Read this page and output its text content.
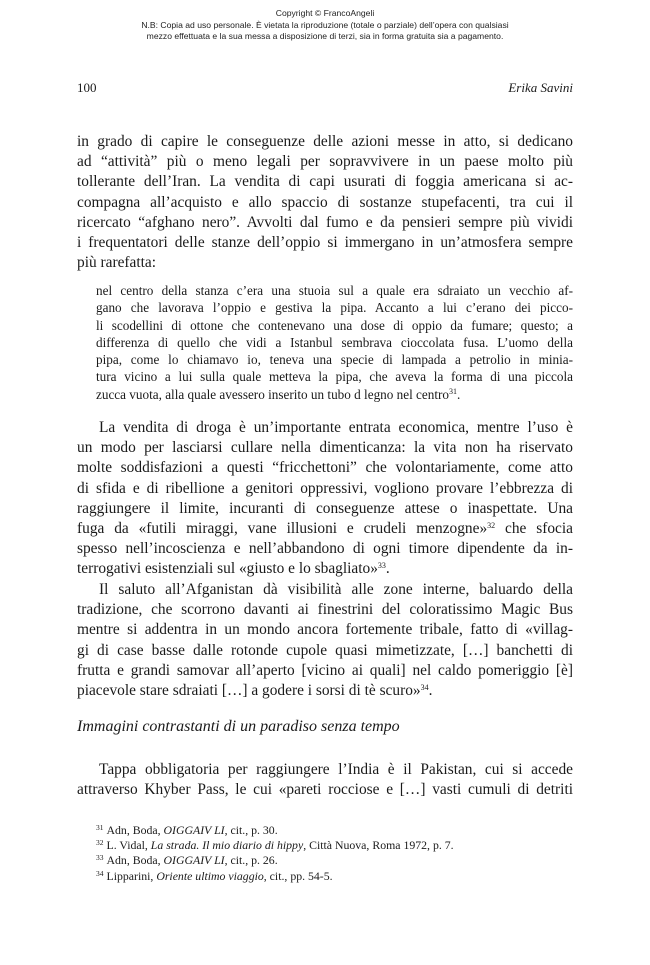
Copyright © FrancoAngeli
N.B: Copia ad uso personale. È vietata la riproduzione (totale o parziale) dell’opera con qualsiasi
mezzo effettuata e la sua messa a disposizione di terzi, sia in forma gratuita sia a pagamento.
100	Erika Savini

in grado di capire le conseguenze delle azioni messe in atto, si dedicano

ad “attività” più o meno legali per sopravvivere in un paese molto più

tollerante dell’Iran. La vendita di capi usurati di foggia americana si ac-

compagna all’acquisto e allo spaccio di sostanze stupefacenti, tra cui il

ricercato “afghano nero”. Avvolti dal fumo e da pensieri sempre più vividi

i frequentatori delle stanze dell’oppio si immergano in un’atmosfera sempre

più rarefatta:

nel centro della stanza c’era una stuoia sul a quale era sdraiato un vecchio af-

gano che lavorava l’oppio e gestiva la pipa. Accanto a lui c’erano dei picco-

li scodellini di ottone che contenevano una dose di oppio da fumare; questo; a

differenza di quello che vidi a Istanbul sembrava cioccolata fusa. L’uomo della

pipa, come lo chiamavo io, teneva una specie di lampada a petrolio in minia-

tura vicino a lui sulla quale metteva la pipa, che aveva la forma di una piccola

zucca vuota, alla quale avessero inserito un tubo d legno nel centro$^{31}$.

La vendita di droga è un’importante entrata economica, mentre l’uso è

un modo per lasciarsi cullare nella dimenticanza: la vita non ha riservato

molte soddisfazioni a questi “fricchettoni” che volontariamente, come atto

di sfida e di ribellione a genitori oppressivi, vogliono provare l’ebbrezza di

raggiungere il limite, incuranti di conseguenze attese o inaspettate. Una

fuga da «futili miraggi, vane illusioni e crudeli menzogne»$^{32}$ che sfocia

spesso nell’incoscienza e nell’abbandono di ogni timore dipendente da in-

terrogativi esistenziali sul «giusto e lo sbagliato»$^{33}$.

Il saluto all’Afganistan dà visibilità alle zone interne, baluardo della

tradizione, che scorrono davanti ai finestrini del coloratissimo Magic Bus

mentre si addentra in un mondo ancora fortemente tribale, fatto di «villag-

gi di case basse dalle rotonde cupole quasi mimetizzate, […] banchetti di

frutta e grandi samovar all’aperto [vicino ai quali] nel caldo pomeriggio [è]

piacevole stare sdraiati […] a godere i sorsi di tè scuro»$^{34}$.

Immagini contrastanti di un paradiso senza tempo

Tappa obbligatoria per raggiungere l’India è il Pakistan, cui si accede

attraverso Khyber Pass, le cui «pareti rocciose e […] vasti cumuli di detriti

$^{31}$ Adn, Boda, OIGGAIV LI, cit., p. 30.
$^{32}$ L. Vidal, La strada. Il mio diario di hippy, Città Nuova, Roma 1972, p. 7.
$^{33}$ Adn, Boda, OIGGAIV LI, cit., p. 26.
$^{34}$ Lipparini, Oriente ultimo viaggio, cit., pp. 54-5.
